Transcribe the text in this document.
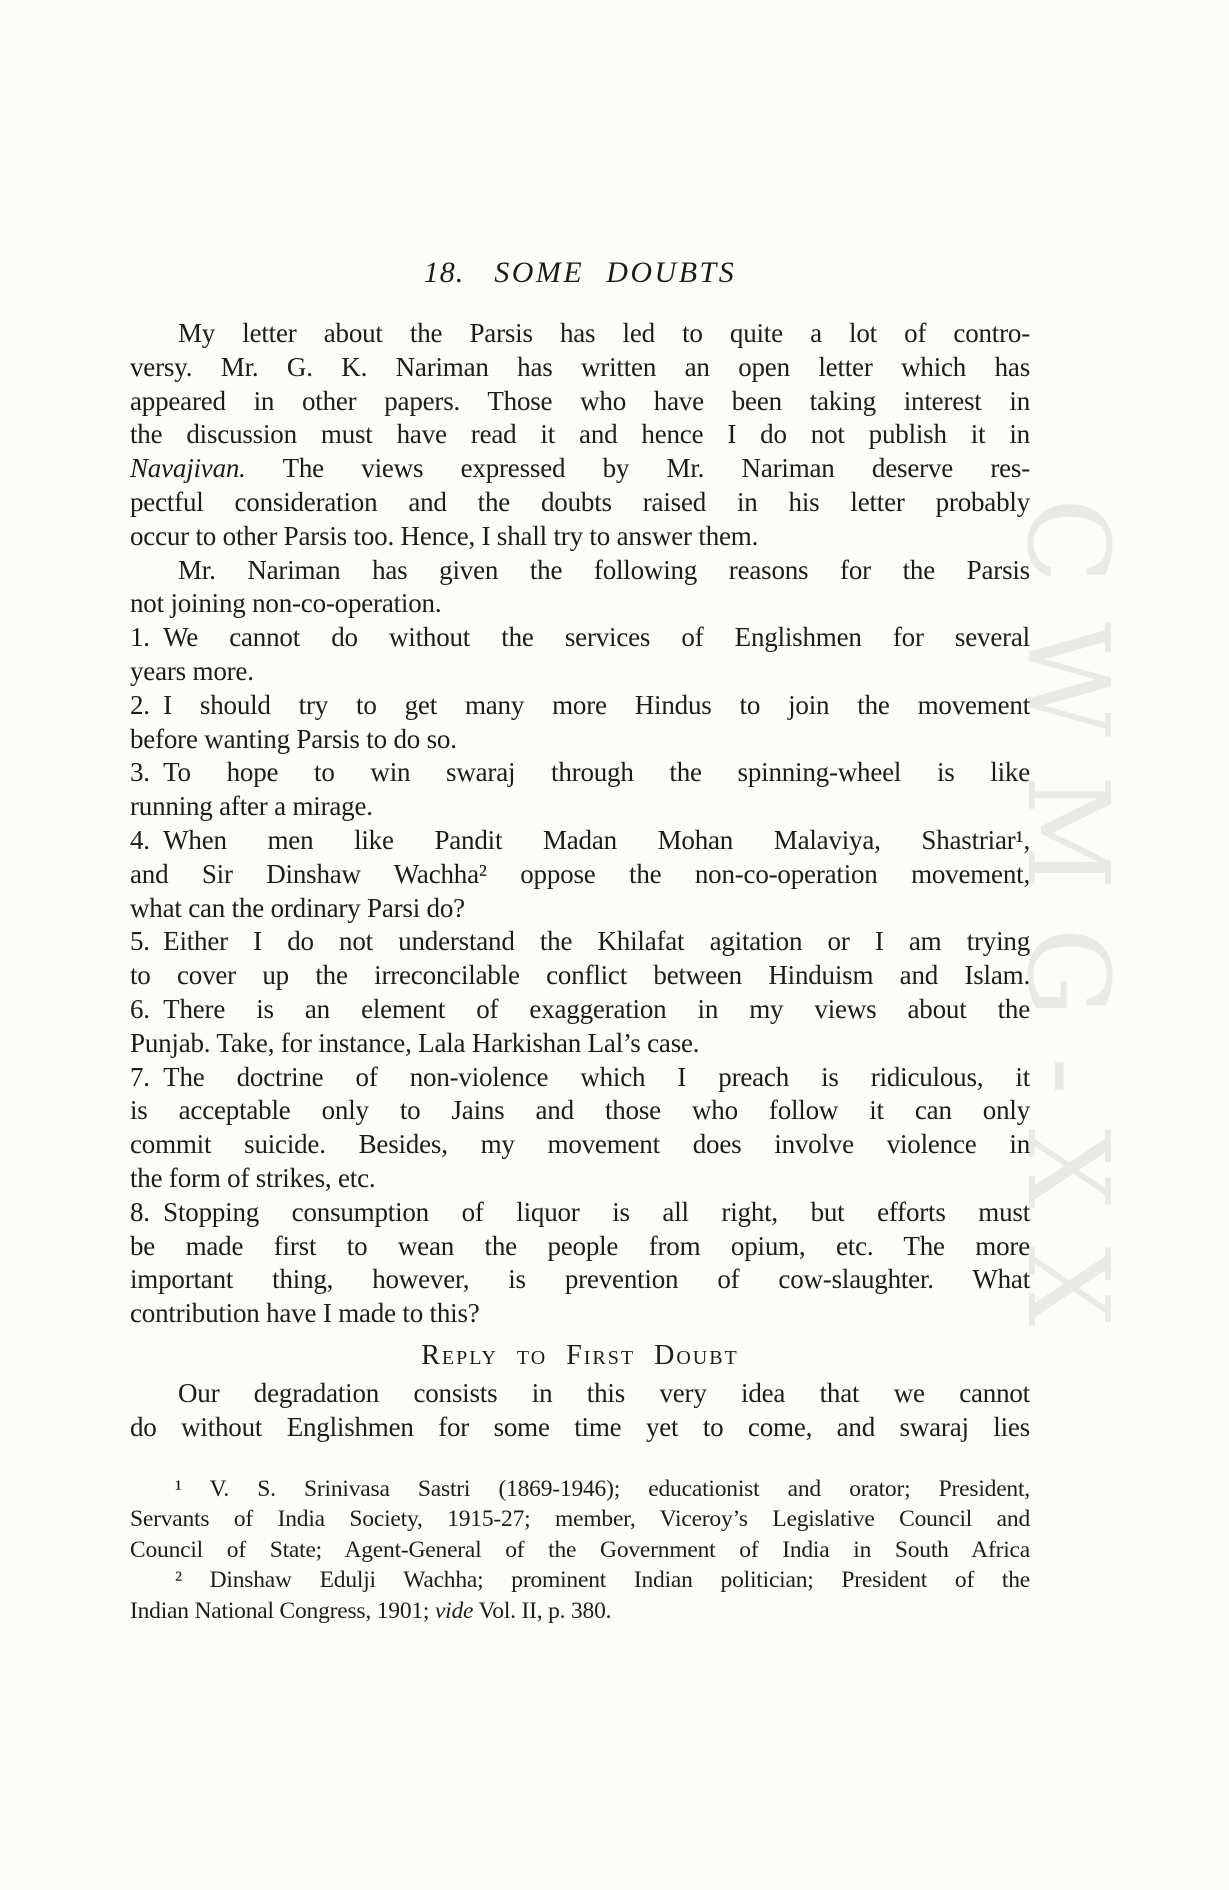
CWMG-XX
18. SOME DOUBTS
My letter about the Parsis has led to quite a lot of contro-
versy. Mr. G. K. Nariman has written an open letter which has
appeared in other papers. Those who have been taking interest in
the discussion must have read it and hence I do not publish it in
Navajivan. The views expressed by Mr. Nariman deserve res-
pectful consideration and the doubts raised in his letter probably
occur to other Parsis too. Hence, I shall try to answer them.
Mr. Nariman has given the following reasons for the Parsis
not joining non-co-operation.
1. We cannot do without the services of Englishmen for several
years more.
2. I should try to get many more Hindus to join the movement
before wanting Parsis to do so.
3. To hope to win swaraj through the spinning-wheel is like
running after a mirage.
4. When men like Pandit Madan Mohan Malaviya, Shastriar¹,
and Sir Dinshaw Wachha² oppose the non-co-operation movement,
what can the ordinary Parsi do?
5. Either I do not understand the Khilafat agitation or I am trying
to cover up the irreconcilable conflict between Hinduism and Islam.
6. There is an element of exaggeration in my views about the
Punjab. Take, for instance, Lala Harkishan Lal’s case.
7. The doctrine of non-violence which I preach is ridiculous, it
is acceptable only to Jains and those who follow it can only
commit suicide. Besides, my movement does involve violence in
the form of strikes, etc.
8. Stopping consumption of liquor is all right, but efforts must
be made first to wean the people from opium, etc. The more
important thing, however, is prevention of cow-slaughter. What
contribution have I made to this?
Reply to First Doubt
Our degradation consists in this very idea that we cannot
do without Englishmen for some time yet to come, and swaraj lies
¹ V. S. Srinivasa Sastri (1869-1946); educationist and orator; President,
Servants of India Society, 1915-27; member, Viceroy’s Legislative Council and
Council of State; Agent-General of the Government of India in South Africa
² Dinshaw Edulji Wachha; prominent Indian politician; President of the
Indian National Congress, 1901; vide Vol. II, p. 380.
